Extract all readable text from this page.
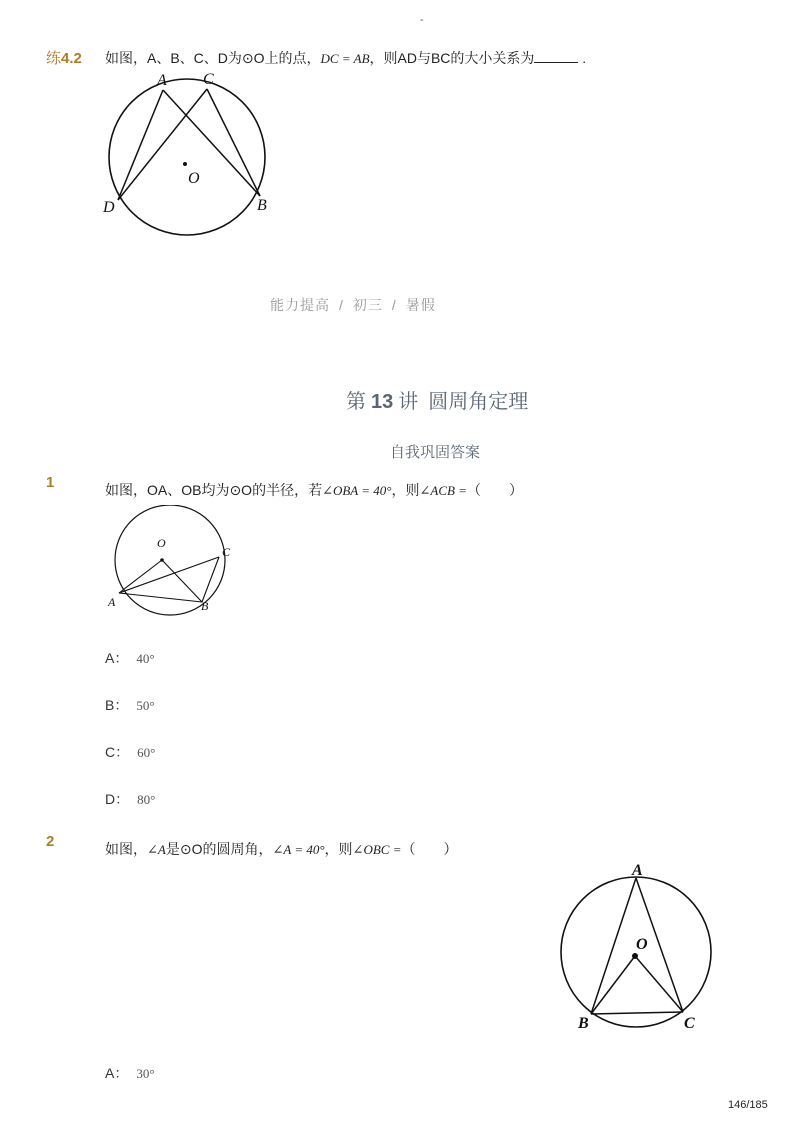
-
练4.2 如图，A、B、C、D为⊙O上的点，DC = AB，则AD与BC的大小关系为	.
A C
O
D	B
能力提高 / 初三 / 暑假
第 13 讲 圆周角定理
自我巩固答案
1	如图，OA、OB均为⊙O的半径，若∠OBA = 40°，则∠ACB =（　　）
O
C
A	B
A： 40°
B： 50°
C： 60°
D： 80°
2	如图，∠A是⊙O的圆周角，∠A = 40°，则∠OBC =（　　）
A
O
B	C
A： 30°
146/185
